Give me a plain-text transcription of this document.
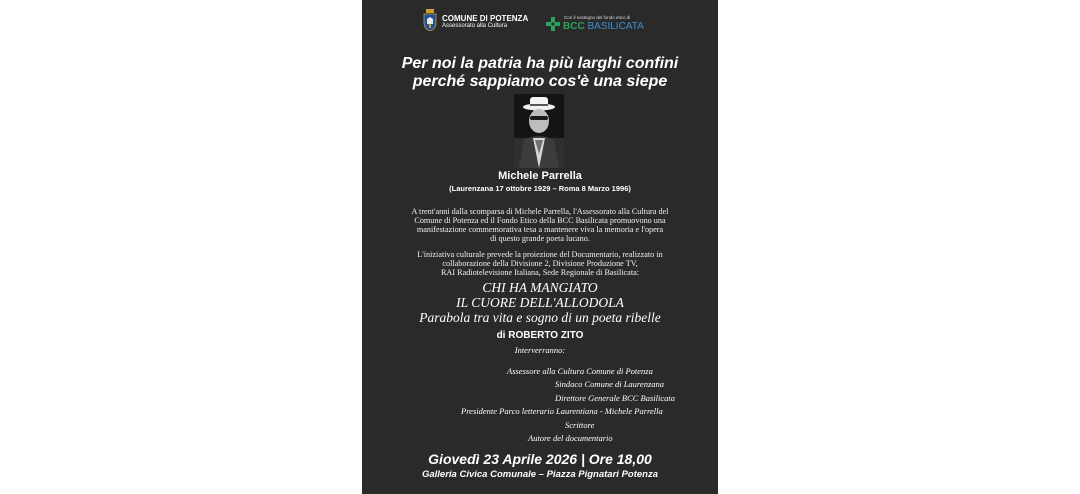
COMUNE DI POTENZA
Assessorato alla Cultura
Con il sostegno del fondo etico di
BCC BASILICATA
Per noi la patria ha più larghi confini
perché sappiamo cos'è una siepe
Michele Parrella
(Laurenzana 17 ottobre 1929 – Roma 8 Marzo 1996)
A trent'anni dalla scomparsa di Michele Parrella, l'Assessorato alla Cultura del
Comune di Potenza ed il Fondo Etico della BCC Basilicata promuovono una
manifestazione commemorativa tesa a mantenere viva la memoria e l'opera
di questo grande poeta lucano.
L'iniziativa culturale prevede la proiezione del Documentario, realizzato in
collaborazione della Divisione 2, Divisione Produzione TV,
RAI Radiotelevisione Italiana, Sede Regionale di Basilicata:
CHI HA MANGIATO
IL CUORE DELL'ALLODOLA
Parabola tra vita e sogno di un poeta ribelle
di ROBERTO ZITO
Interverranno:
Roberto Falotico	Assessore alla Cultura Comune di Potenza
Giuseppe Trivigno	Sindaco Comune di Laurenzana
Giorgio Costantino	Direttore Generale BCC Basilicata
Franca Nigro	Presidente Parco letterario Laurentiana - Michele Parrella
Paolo Albano	Scrittore
Roberto Zito	Autore del documentario
Giovedì 23 Aprile 2026 | Ore 18,00
Galleria Civica Comunale – Piazza Pignatari Potenza
